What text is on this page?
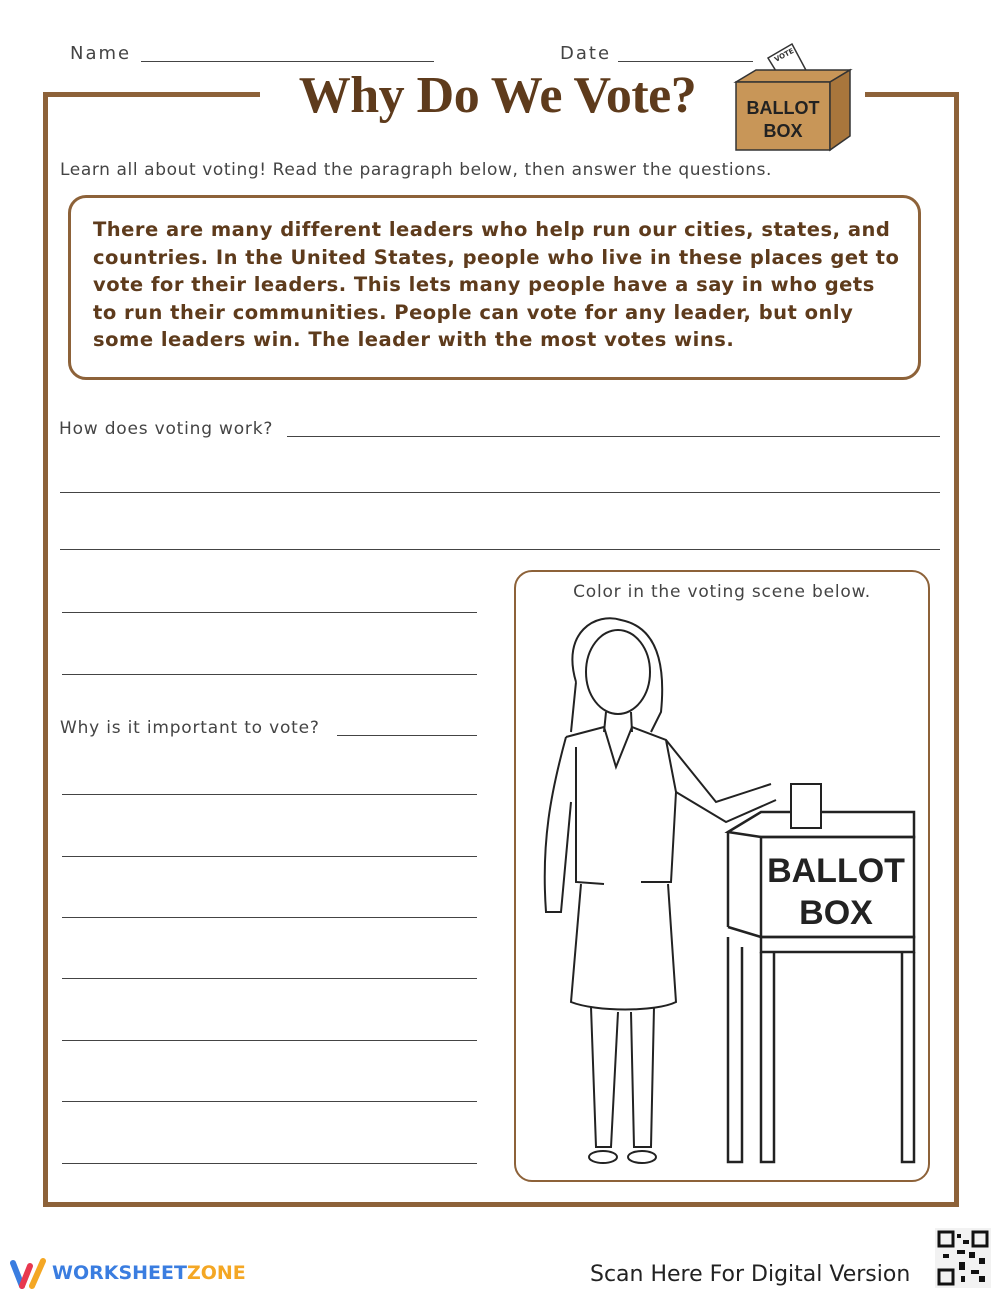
Name	Date
Why Do We Vote?
VOTE
BALLOT
BOX
Learn all about voting! Read the paragraph below, then answer the questions.
There are many different leaders who help run our cities, states, and countries. In the United States, people who live in these places get to vote for their leaders. This lets many people have a say in who gets to run their communities. People can vote for any leader, but only some leaders win. The leader with the most votes wins.
How does voting work?
Why is it important to vote?
Color in the voting scene below.
BALLOT
BOX
WORKSHEETZONE	Scan Here For Digital Version
